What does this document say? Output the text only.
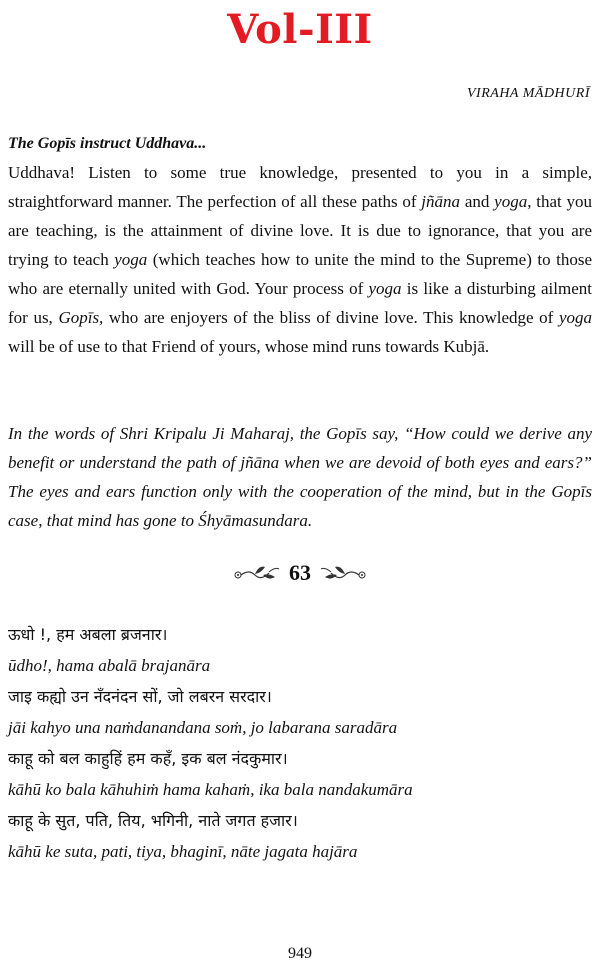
Vol-III
VIRAHA MĀDHURĪ
The Gopīs instruct Uddhava...

Uddhava! Listen to some true knowledge, presented to you in a simple, straightforward manner. The perfection of all these paths of jñāna and yoga, that you are teaching, is the attainment of divine love. It is due to ignorance, that you are trying to teach yoga (which teaches how to unite the mind to the Supreme) to those who are eternally united with God. Your process of yoga is like a disturbing ailment for us, Gopīs, who are enjoyers of the bliss of divine love. This knowledge of yoga will be of use to that Friend of yours, whose mind runs towards Kubjā.

In the words of Shri Kripalu Ji Maharaj, the Gopīs say, “How could we derive any benefit or understand the path of jñāna when we are devoid of both eyes and ears?” The eyes and ears function only with the cooperation of the mind, but in the Gopīs case, that mind has gone to Śhyāmasundara.
63
ऊधो !, हम अबला ब्रजनार।
ūdho!, hama abalā brajanāra
जाइ कह्यो उन नँदनंदन सों, जो लबरन सरदार।
jāi kahyo una naṁdanandana soṁ, jo labarana saradāra
काहू को बल काहुहिं हम कहँ, इक बल नंदकुमार।
kāhū ko bala kāhuhiṁ hama kahaṁ, ika bala nandakumāra
काहू के सुत, पति, तिय, भगिनी, नाते जगत हजार।
kāhū ke suta, pati, tiya, bhaginī, nāte jagata hajāra
949
